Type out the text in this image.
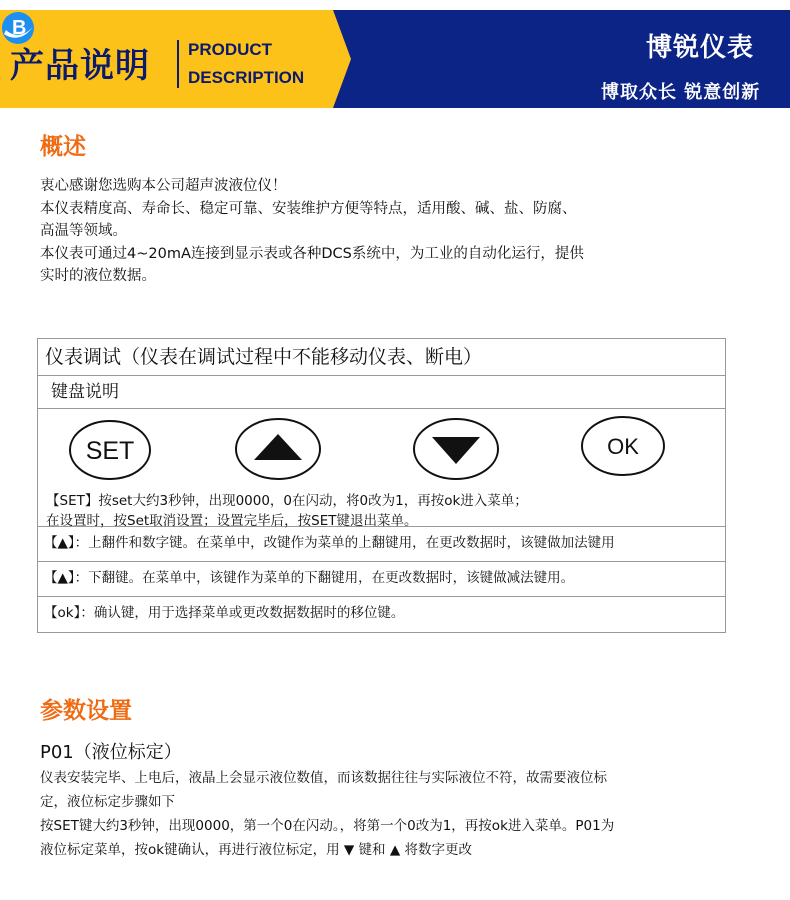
产品说明 PRODUCT
DESCRIPTION
B
博锐仪表
博取众长 锐意创新
概述
衷心感谢您选购本公司超声波液位仪！
本仪表精度高、寿命长、稳定可靠、安装维护方便等特点，适用酸、碱、盐、防腐、
高温等领域。
本仪表可通过4~20mA连接到显示表或各种DCS系统中，为工业的自动化运行，提供
实时的液位数据。
仪表调试（仪表在调试过程中不能移动仪表、断电）
键盘说明
SET	OK
【SET】按set大约3秒钟，出现0000，0在闪动，将0改为1，再按ok进入菜单；
在设置时，按Set取消设置；设置完毕后，按SET键退出菜单。
【▲】：上翻件和数字键。在菜单中，改键作为菜单的上翻键用，在更改数据时，该键做加法键用
【▲】：下翻键。在菜单中，该键作为菜单的下翻键用，在更改数据时，该键做减法键用。
【ok】：确认键，用于选择菜单或更改数据数据时的移位键。
参数设置
P01（液位标定）
仪表安装完毕、上电后，液晶上会显示液位数值，而该数据往往与实际液位不符，故需要液位标
定，液位标定步骤如下
按SET键大约3秒钟，出现0000，第一个0在闪动。，将第一个0改为1，再按ok进入菜单。P01为
液位标定菜单，按ok键确认，再进行液位标定，用 ▼ 键和 ▲ 将数字更改
